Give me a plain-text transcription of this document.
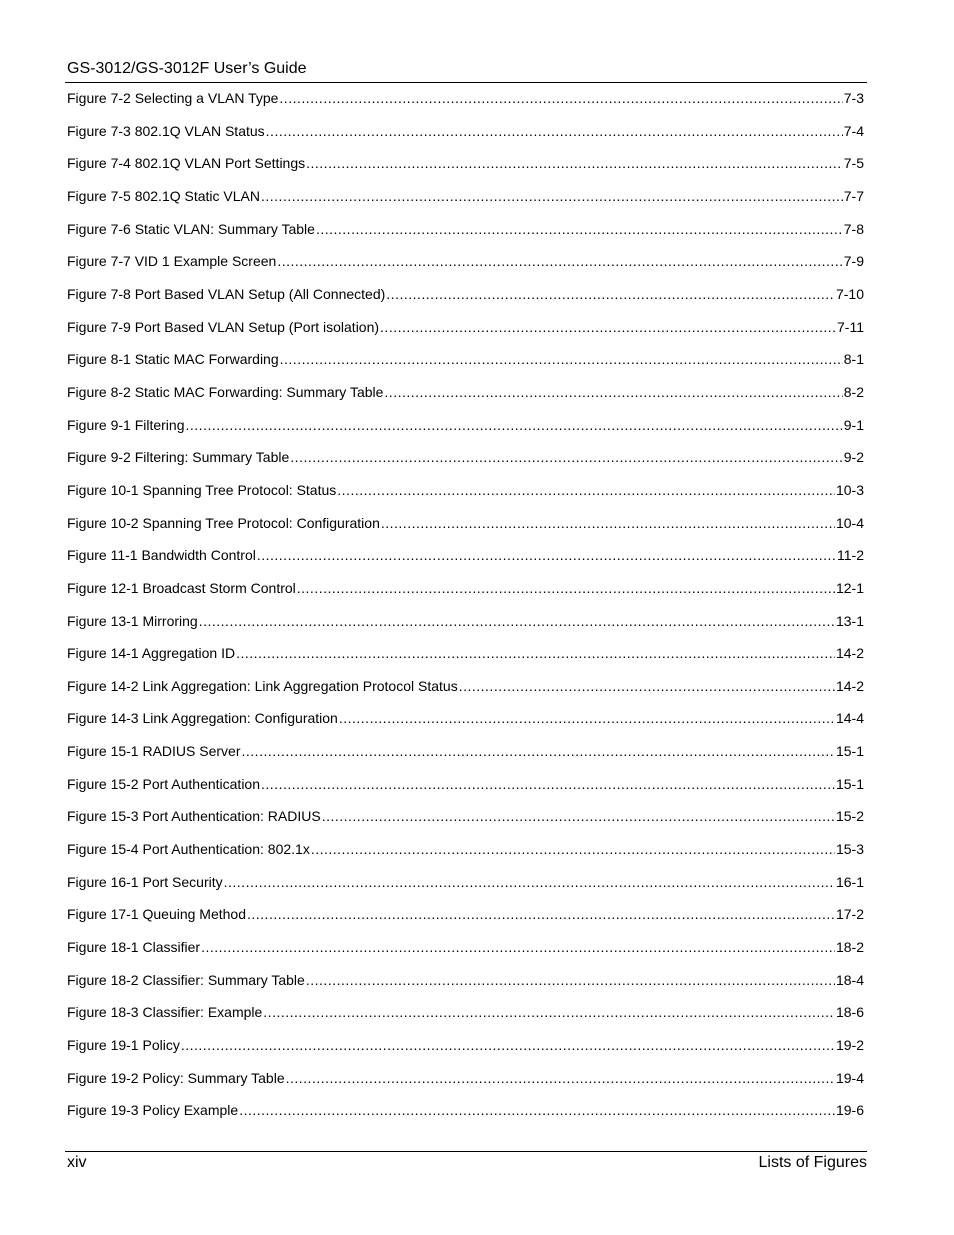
GS-3012/GS-3012F User’s Guide
Figure 7-2 Selecting a VLAN Type .....	7-3
Figure 7-3 802.1Q VLAN Status .....	7-4
Figure 7-4 802.1Q VLAN Port Settings .....	7-5
Figure 7-5 802.1Q Static VLAN .....	7-7
Figure 7-6 Static VLAN: Summary Table .....	7-8
Figure 7-7 VID 1 Example Screen .....	7-9
Figure 7-8 Port Based VLAN Setup (All Connected) .....	7-10
Figure 7-9 Port Based VLAN Setup (Port isolation) .....	7-11
Figure 8-1 Static MAC Forwarding .....	8-1
Figure 8-2 Static MAC Forwarding: Summary Table .....	8-2
Figure 9-1 Filtering .....	9-1
Figure 9-2 Filtering: Summary Table .....	9-2
Figure 10-1 Spanning Tree Protocol: Status .....	10-3
Figure 10-2 Spanning Tree Protocol: Configuration .....	10-4
Figure 11-1 Bandwidth Control .....	11-2
Figure 12-1 Broadcast Storm Control .....	12-1
Figure 13-1 Mirroring .....	13-1
Figure 14-1 Aggregation ID .....	14-2
Figure 14-2 Link Aggregation: Link Aggregation Protocol Status .....	14-2
Figure 14-3 Link Aggregation: Configuration .....	14-4
Figure 15-1 RADIUS Server .....	15-1
Figure 15-2 Port Authentication .....	15-1
Figure 15-3 Port Authentication: RADIUS .....	15-2
Figure 15-4 Port Authentication: 802.1x .....	15-3
Figure 16-1 Port Security .....	16-1
Figure 17-1 Queuing Method .....	17-2
Figure 18-1 Classifier .....	18-2
Figure 18-2 Classifier: Summary Table .....	18-4
Figure 18-3 Classifier: Example .....	18-6
Figure 19-1 Policy .....	19-2
Figure 19-2 Policy: Summary Table .....	19-4
Figure 19-3 Policy Example .....	19-6
xiv	Lists of Figures
